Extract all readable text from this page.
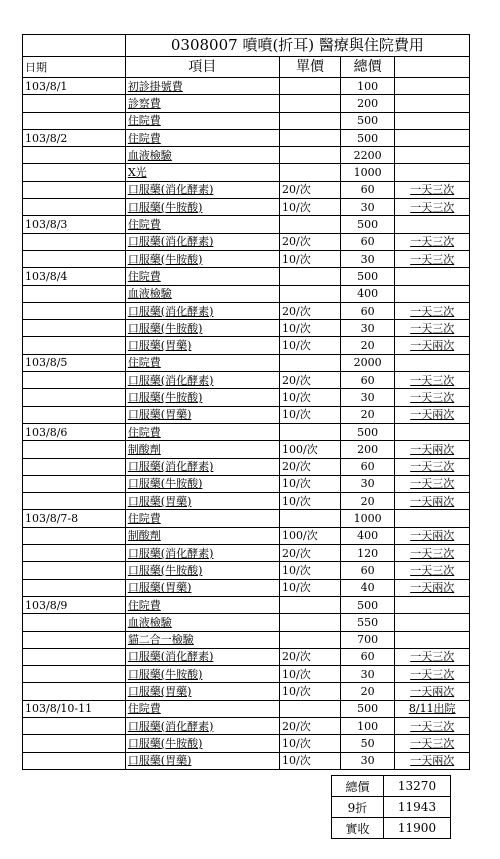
	0308007 噴噴(折耳) 醫療與住院費用			
日期	項目	單價	總價	
103/8/1	初診掛號費		100	
	診察費		200	
	住院費		500	
103/8/2	住院費		500	
	血液檢驗		2200	
	X光		1000	
	口服藥(消化酵素)	20/次	60	一天三次
	口服藥(牛胺酸)	10/次	30	一天三次
103/8/3	住院費		500	
	口服藥(消化酵素)	20/次	60	一天三次
	口服藥(牛胺酸)	10/次	30	一天三次
103/8/4	住院費		500	
	血液檢驗		400	
	口服藥(消化酵素)	20/次	60	一天三次
	口服藥(牛胺酸)	10/次	30	一天三次
	口服藥(胃藥)	10/次	20	一天兩次
103/8/5	住院費		2000	
	口服藥(消化酵素)	20/次	60	一天三次
	口服藥(牛胺酸)	10/次	30	一天三次
	口服藥(胃藥)	10/次	20	一天兩次
103/8/6	住院費		500	
	制酸劑	100/次	200	一天兩次
	口服藥(消化酵素)	20/次	60	一天三次
	口服藥(牛胺酸)	10/次	30	一天三次
	口服藥(胃藥)	10/次	20	一天兩次
103/8/7-8	住院費		1000	
	制酸劑	100/次	400	一天兩次
	口服藥(消化酵素)	20/次	120	一天三次
	口服藥(牛胺酸)	10/次	60	一天三次
	口服藥(胃藥)	10/次	40	一天兩次
103/8/9	住院費		500	
	血液檢驗		550	
	貓二合一檢驗		700	
	口服藥(消化酵素)	20/次	60	一天三次
	口服藥(牛胺酸)	10/次	30	一天三次
	口服藥(胃藥)	10/次	20	一天兩次
103/8/10-11	住院費		500	8/11出院
	口服藥(消化酵素)	20/次	100	一天三次
	口服藥(牛胺酸)	10/次	50	一天三次
	口服藥(胃藥)	10/次	30	一天兩次
總價	13270
9折	11943
實收	11900
